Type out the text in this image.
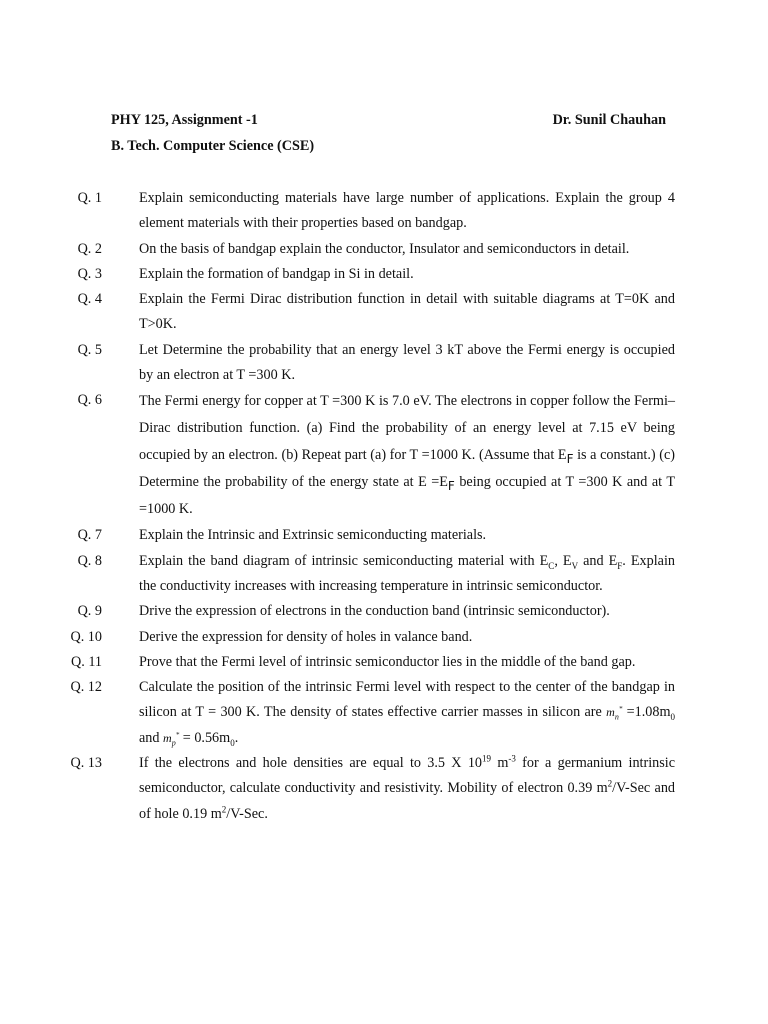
PHY 125, Assignment -1	Dr. Sunil Chauhan
B. Tech. Computer Science (CSE)
Q. 1	Explain semiconducting materials have large number of applications. Explain the group 4 element materials with their properties based on bandgap.
Q. 2	On the basis of bandgap explain the conductor, Insulator and semiconductors in detail.
Q. 3	Explain the formation of bandgap in Si in detail.
Q. 4	Explain the Fermi Dirac distribution function in detail with suitable diagrams at T=0K and T>0K.
Q. 5	Let Determine the probability that an energy level 3 kT above the Fermi energy is occupied by an electron at T =300 K.
Q. 6	The Fermi energy for copper at T =300 K is 7.0 eV. The electrons in copper follow the Fermi–Dirac distribution function. (a) Find the probability of an energy level at 7.15 eV being occupied by an electron. (b) Repeat part (a) for T =1000 K. (Assume that $E_F$ is a constant.) (c) Determine the probability of the energy state at $E =E_F$ being occupied at T =300 K and at T =1000 K.
Q. 7	Explain the Intrinsic and Extrinsic semiconducting materials.
Q. 8	Explain the band diagram of intrinsic semiconducting material with $E_C$, $E_V$ and $E_F$. Explain the conductivity increases with increasing temperature in intrinsic semiconductor.
Q. 9	Drive the expression of electrons in the conduction band (intrinsic semiconductor).
Q. 10	Derive the expression for density of holes in valance band.
Q. 11	Prove that the Fermi level of intrinsic semiconductor lies in the middle of the band gap.
Q. 12	Calculate the position of the intrinsic Fermi level with respect to the center of the bandgap in silicon at T = 300 K. The density of states effective carrier masses in silicon are $m_n^* =1.08m_0$ and $m_p^* = 0.56m_0$.
Q. 13	If the electrons and hole densities are equal to 3.5 X $10^{19}$ $m^{-3}$ for a germanium intrinsic semiconductor, calculate conductivity and resistivity. Mobility of electron 0.39 $m^2/V$-Sec and of hole 0.19 $m^2/V$-Sec.
